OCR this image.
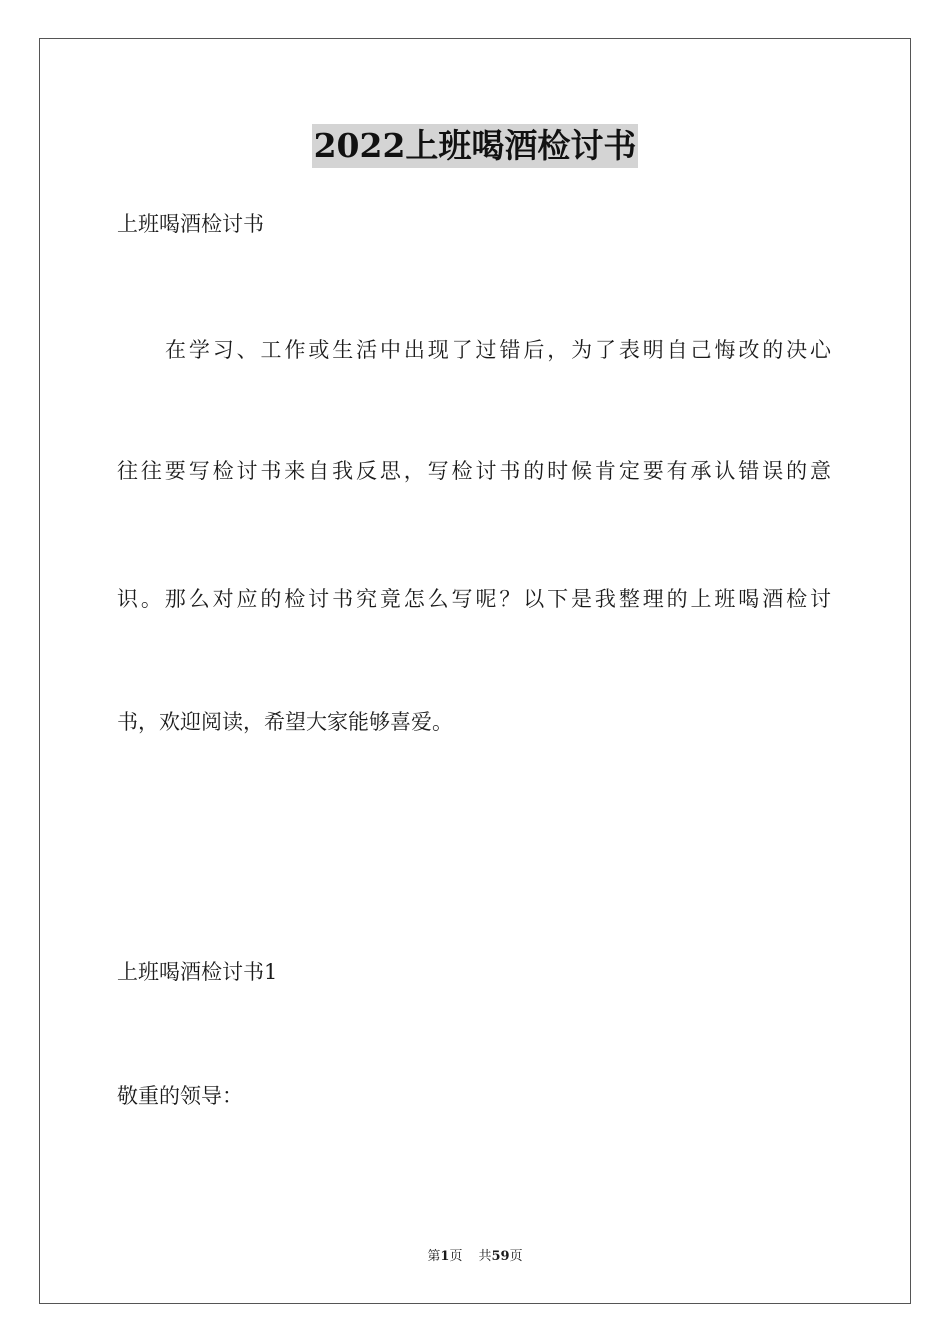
2022上班喝酒检讨书
上班喝酒检讨书
在学习、工作或生活中出现了过错后，为了表明自己悔改的决心
往往要写检讨书来自我反思，写检讨书的时候肯定要有承认错误的意
识。那么对应的检讨书究竟怎么写呢？以下是我整理的上班喝酒检讨
书，欢迎阅读，希望大家能够喜爱。
上班喝酒检讨书1
敬重的领导：
第1页 共59页
